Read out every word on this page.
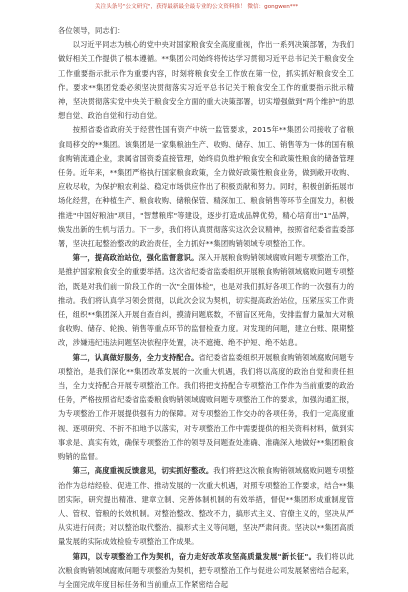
关注头条号"公文研究"，获得最新最全最专业的公文资料推！ 微信：gongwen***

各位领导，同志们：

以习近平同志为核心的党中央对国家粮食安全高度重视，作出一系列决策部署，为我们做好相关工作提供了根本遵循。**集团公司始终将传达学习贯彻习近平总书记关于粮食安全工作重要指示批示作为重要内容，时刻将粮食安全工作放在第一位，抓实抓好粮食安全工作。要求**集团党委必须坚决贯彻落实习近平总书记关于粮食安全工作的重要指示批示精神，坚决贯彻落实党中央关于粮食安全方面的重大决策部署，切实增强做到"两个维护"的思想自觉、政治自觉和行动自觉。

按照省委省政府关于经营性国有资产中统一监管要求，2015年**集团公司接收了省粮食局移交的**集团。该集团是一家集粮油生产、收购、储存、加工、销售等为一体的国有粮食购销流通企业，隶属省国资委直接管理，始终肩负维护粮食安全和政策性粮食的储备管理任务。近年来，**集团严格执行国家粮食政策，全力做好政策性粮食业务，做到敞开收购、应收尽收，为保护粮农利益、稳定市场供应作出了积极贡献和努力。同时，积极创新拓展市场化经营，在种植生产、粮食收购、储粮保管、精深加工、粮食销售等环节全面发力，积极推进"中国好粮油"项目，"智慧粮库"等建设，逐步打造成品牌优势，精心培育出"1"品牌，焕发出新的生机与活力。下一步，我们将认真贯彻落实这次会议精神，按照省纪委省监委部署，坚决扛起整治整改的政治责任，全力抓好**集团购销领域专项整治工作。

第一，提高政治站位，强化监督意识。深入开展粮食购销领域腐败问题专项整治工作，是推护国家粮食安全的重要举措。这次省纪委省监委组织开展粮食购销领域腐败问题专项整治，既是对我们前一阶段工作的一次"全面体检"，也是对我们抓好各项工作的一次强有力的推动。我们将认真学习领会贯彻，以此次会议为契机，切实提高政治站位，压紧压实工作责任，组织**集团深入开展自查自纠，摸清问题底数，不留盲区死角，安排监督力量加大对粮食收购、储存、轮换、销售等重点环节的监督检查力度。对发现的问题，建立台账、限期整改，涉嫌违纪违法问题坚决依程序处置，决不遮掩、绝不护短、绝不姑息。

第二，认真做好服务，全力支持配合。省纪委省监委组织开展粮食购销领域腐败问题专项整治，是我们深化**集团改革发展的一次重大机遇，我们将以高度的政治自觉和责任担当，全力支持配合开展专项整治工作。我们将把支持配合专项整治工作作为当前重要的政治任务，严格按照省纪委省监委粮食购销领域腐败问题专项整治工作的要求，加强沟通汇报，为专项整治工作开展提供强有力的保障。对专项整治工作交办的各项任务，我们一定高度重视、逐项研究、不折不扣地予以落实，对专项整治工作中需要提供的相关资料材料，做到实事求是、真实有效，确保专项整治工作的领导及问题查处准确、准确深入地做好**集团粮食购销的监督。

第三，高度重视反馈意见，切实抓好整改。我们将把这次粮食购销领域腐败问题专项整治作为总结经验、促进工作、推动发展的一次重大机遇，对照专项整治工作要求，结合**集团实际，研究提出精准、建章立制、完善体制机制的有效举措，督促**集团形成重制度管人、管权、管粮的长效机制。对整治整改、整改不力，搞形式主义、官僚主义的，坚决从严从实进行问责；对以整治取代整治、搞形式主义等问题，坚决严肃问责。坚决以**集团高质量发展的实际成效检验专项整治工作成果。

第四，以专项整治工作为契机，奋力走好改革攻坚高质量发展"新长征"。我们将以此次粮食购销领域腐败问题专项整治为契机，把专项整治工作与促进公司发展紧密结合起来，与全面完成年度目标任务和当前重点工作紧密结合起
